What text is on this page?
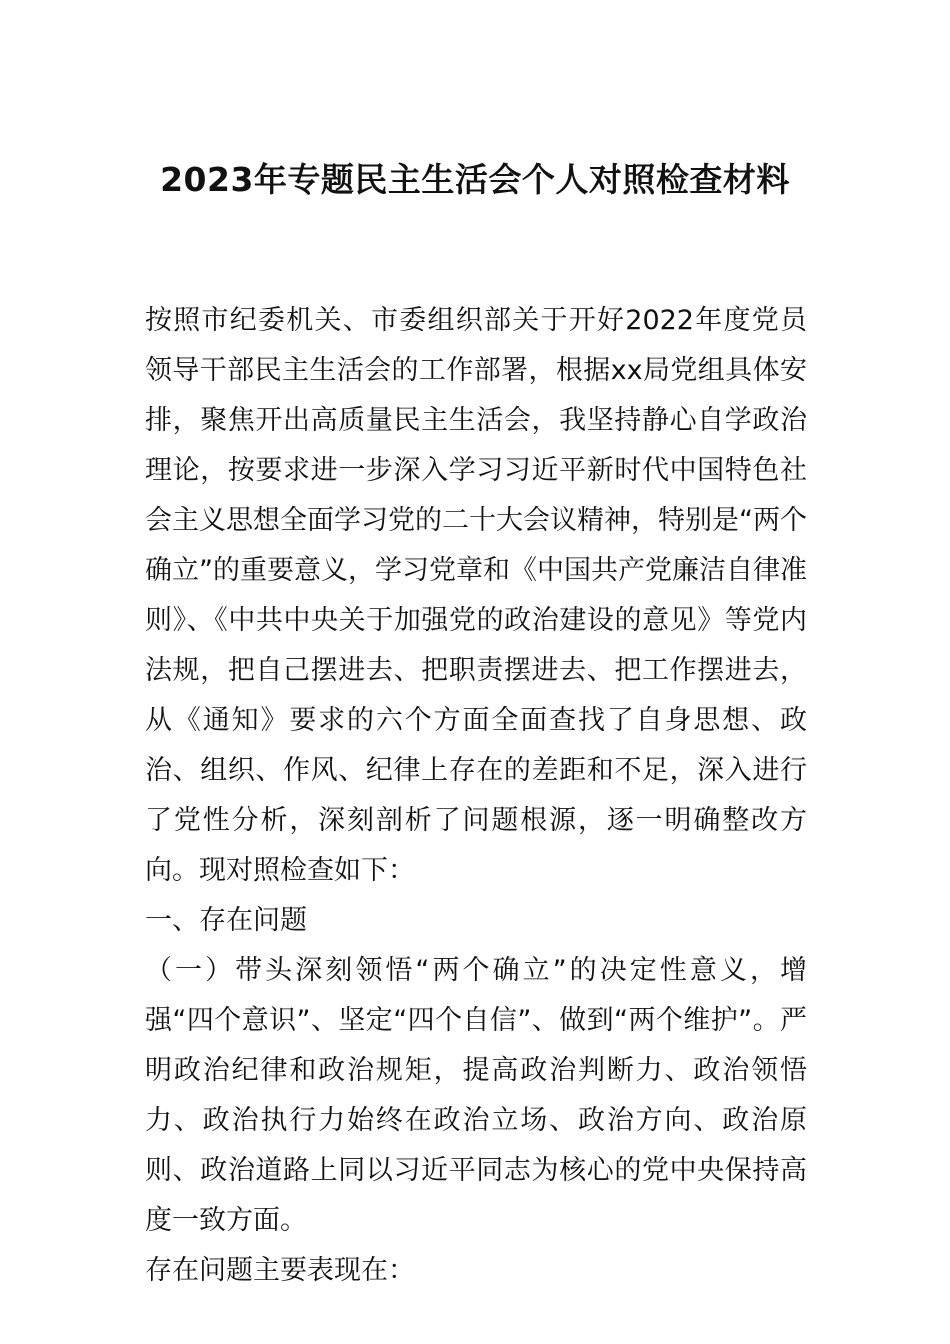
2023年专题民主生活会个人对照检查材料

按照市纪委机关、市委组织部关于开好2022年度党员领导干部民主生活会的工作部署，根据xx局党组具体安排，聚焦开出高质量民主生活会，我坚持静心自学政治理论，按要求进一步深入学习习近平新时代中国特色社会主义思想全面学习党的二十大会议精神，特别是“两个确立”的重要意义，学习党章和《中国共产党廉洁自律准则》、《中共中央关于加强党的政治建设的意见》等党内法规，把自己摆进去、把职责摆进去、把工作摆进去，从《通知》要求的六个方面全面查找了自身思想、政治、组织、作风、纪律上存在的差距和不足，深入进行了党性分析，深刻剖析了问题根源，逐一明确整改方向。现对照检查如下：

一、存在问题

（一）带头深刻领悟“两个确立”的决定性意义，增强“四个意识”、坚定“四个自信”、做到“两个维护”。严明政治纪律和政治规矩，提高政治判断力、政治领悟力、政治执行力始终在政治立场、政治方向、政治原则、政治道路上同以习近平同志为核心的党中央保持高度一致方面。

存在问题主要表现在：
